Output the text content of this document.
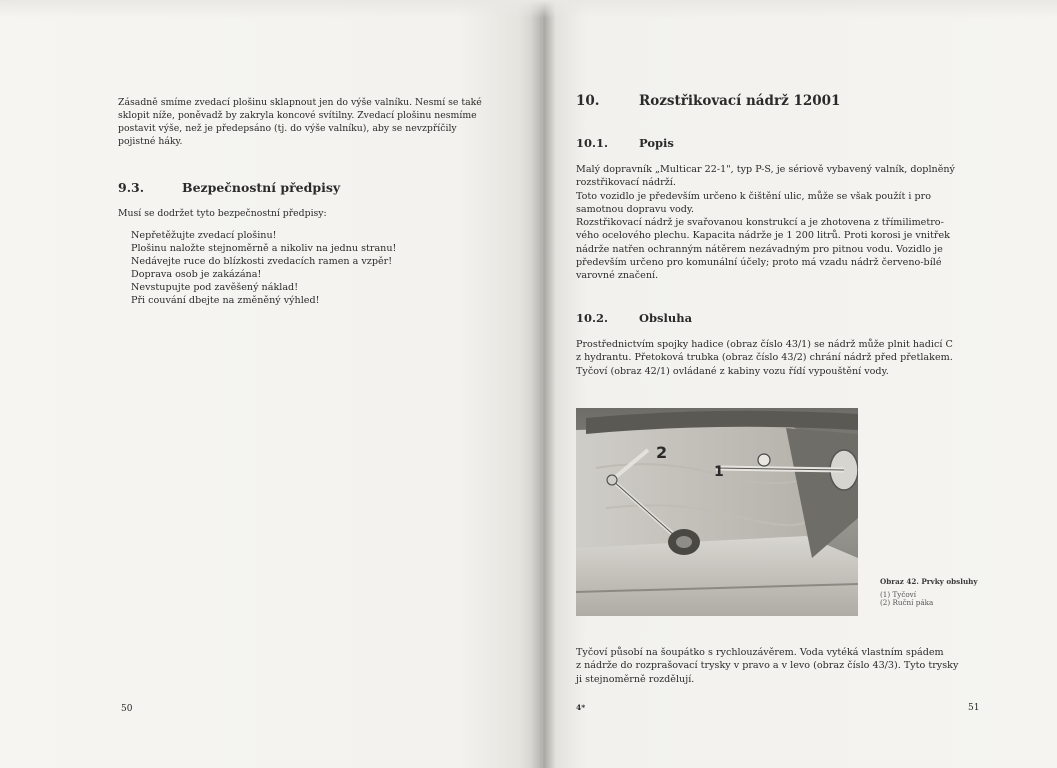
Zásadně smíme zvedací plošinu sklapnout jen do výše valníku. Nesmí se také
sklopit níže, poněvadž by zakryla koncové svítilny. Zvedací plošinu nesmíme
postavit výše, než je předepsáno (tj. do výše valníku), aby se nevzpříčily
pojistné háky.
9.3.	Bezpečnostní předpisy
Musí se dodržet tyto bezpečnostní předpisy:
Nepřetěžujte zvedací plošinu!
Plošinu naložte stejnoměrně a nikoliv na jednu stranu!
Nedávejte ruce do blízkosti zvedacích ramen a vzpěr!
Doprava osob je zakázána!
Nevstupujte pod zavěšený náklad!
Při couvání dbejte na změněný výhled!
50
10.	Rozstřikovací nádrž 12001
10.1.	Popis
Malý dopravník „Multicar 22-1", typ P-S, je sériově vybavený valník, doplněný
rozstřikovací nádrží.
Toto vozidlo je především určeno k čištění ulic, může se však použít i pro
samotnou dopravu vody.
Rozstřikovací nádrž je svařovanou konstrukcí a je zhotovena z třímilimetro-
vého ocelového plechu. Kapacita nádrže je 1 200 litrů. Proti korosi je vnitřek
nádrže natřen ochranným nátěrem nezávadným pro pitnou vodu. Vozidlo je
především určeno pro komunální účely; proto má vzadu nádrž červeno-bílé
varovné značení.
10.2.	Obsluha
Prostřednictvím spojky hadice (obraz číslo 43/1) se nádrž může plnit hadicí C
z hydrantu. Přetoková trubka (obraz číslo 43/2) chrání nádrž před přetlakem.
Tyčoví (obraz 42/1) ovládané z kabiny vozu řídí vypouštění vody.
2
1
Obraz 42. Prvky obsluhy
(1) Tyčoví
(2) Ruční páka
Tyčoví působí na šoupátko s rychlouzávěrem. Voda vytéká vlastním spádem
z nádrže do rozprašovací trysky v pravo a v levo (obraz číslo 43/3). Tyto trysky
ji stejnoměrně rozdělují.
4*	51
